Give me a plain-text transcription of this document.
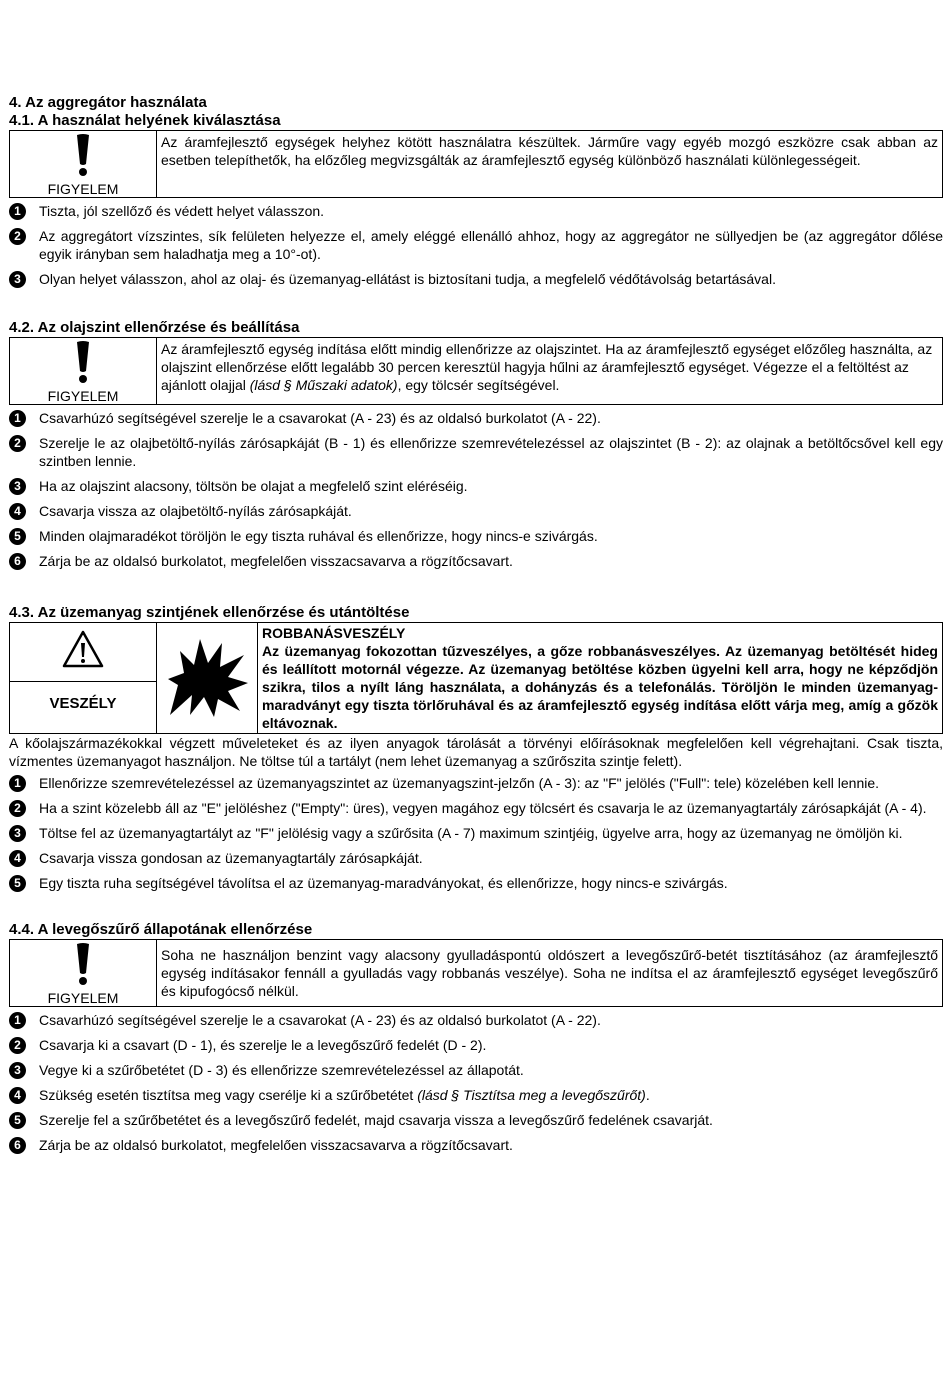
4. Az aggregátor használata
4.1. A használat helyének kiválasztása
FIGYELEM
	Az áramfejlesztő egységek helyhez kötött használatra készültek. Járműre vagy egyéb mozgó eszközre csak abban az esetben telepíthetők, ha előzőleg megvizsgálták az áramfejlesztő egység különböző használati különlegességeit.
1	Tiszta, jól szellőző és védett helyet válasszon.
2	Az aggregátort vízszintes, sík felületen helyezze el, amely eléggé ellenálló ahhoz, hogy az aggregátor ne süllyedjen be (az aggregátor dőlése egyik irányban sem haladhatja meg a 10°-ot).
3	Olyan helyet válasszon, ahol az olaj- és üzemanyag-ellátást is biztosítani tudja, a megfelelő védőtávolság betartásával.
4.2. Az olajszint ellenőrzése és beállítása
FIGYELEM
	Az áramfejlesztő egység indítása előtt mindig ellenőrizze az olajszintet. Ha az áramfejlesztő egységet előzőleg használta, az olajszint ellenőrzése előtt legalább 30 percen keresztül hagyja hűlni az áramfejlesztő egységet. Végezze el a feltöltést az ajánlott olajjal (lásd § Műszaki adatok), egy tölcsér segítségével.
1	Csavarhúzó segítségével szerelje le a csavarokat (A - 23) és az oldalsó burkolatot (A - 22).
2	Szerelje le az olajbetöltő-nyílás zárósapkáját (B - 1) és ellenőrizze szemrevételezéssel az olajszintet (B - 2): az olajnak a betöltőcsővel kell egy szintben lennie.
3	Ha az olajszint alacsony, töltsön be olajat a megfelelő szint eléréséig.
4	Csavarja vissza az olajbetöltő-nyílás zárósapkáját.
5	Minden olajmaradékot töröljön le egy tiszta ruhával és ellenőrizze, hogy nincs-e szivárgás.
6	Zárja be az oldalsó burkolatot, megfelelően visszacsavarva a rögzítőcsavart.
4.3. Az üzemanyag szintjének ellenőrzése és utántöltése
VESZÉLY

ROBBANÁSVESZÉLY
Az üzemanyag fokozottan tűzveszélyes, a gőze robbanásveszélyes. Az üzemanyag betöltését hideg és leállított motornál végezze. Az üzemanyag betöltése közben ügyelni kell arra, hogy ne képződjön szikra, tilos a nyílt láng használata, a dohányzás és a telefonálás. Töröljön le minden üzemanyag-maradványt egy tiszta törlőruhával és az áramfejlesztő egység indítása előtt várja meg, amíg a gőzök eltávoznak.

A kőolajszármazékokkal végzett műveleteket és az ilyen anyagok tárolását a törvényi előírásoknak megfelelően kell végrehajtani. Csak tiszta, vízmentes üzemanyagot használjon. Ne töltse túl a tartályt (nem lehet üzemanyag a szűrőszita szintje felett).

1	Ellenőrizze szemrevételezéssel az üzemanyagszintet az üzemanyagszint-jelzőn (A - 3): az "F" jelölés ("Full": tele) közelében kell lennie.
2	Ha a szint közelebb áll az "E" jelöléshez ("Empty": üres), vegyen magához egy tölcsért és csavarja le az üzemanyagtartály zárósapkáját (A - 4).
3	Töltse fel az üzemanyagtartályt az "F" jelölésig vagy a szűrősita (A - 7) maximum szintjéig, ügyelve arra, hogy az üzemanyag ne ömöljön ki.
4	Csavarja vissza gondosan az üzemanyagtartály zárósapkáját.
5	Egy tiszta ruha segítségével távolítsa el az üzemanyag-maradványokat, és ellenőrizze, hogy nincs-e szivárgás.
4.4. A levegőszűrő állapotának ellenőrzése
FIGYELEM
	Soha ne használjon benzint vagy alacsony gyulladáspontú oldószert a levegőszűrő-betét tisztításához (az áramfejlesztő egység indításakor fennáll a gyulladás vagy robbanás veszélye). Soha ne indítsa el az áramfejlesztő egységet levegőszűrő és kipufogócső nélkül.
1	Csavarhúzó segítségével szerelje le a csavarokat (A - 23) és az oldalsó burkolatot (A - 22).
2	Csavarja ki a csavart (D - 1), és szerelje le a levegőszűrő fedelét (D - 2).
3	Vegye ki a szűrőbetétet (D - 3) és ellenőrizze szemrevételezéssel az állapotát.
4	Szükség esetén tisztítsa meg vagy cserélje ki a szűrőbetétet (lásd § Tisztítsa meg a levegőszűrőt).
5	Szerelje fel a szűrőbetétet és a levegőszűrő fedelét, majd csavarja vissza a levegőszűrő fedelének csavarját.
6	Zárja be az oldalsó burkolatot, megfelelően visszacsavarva a rögzítőcsavart.
